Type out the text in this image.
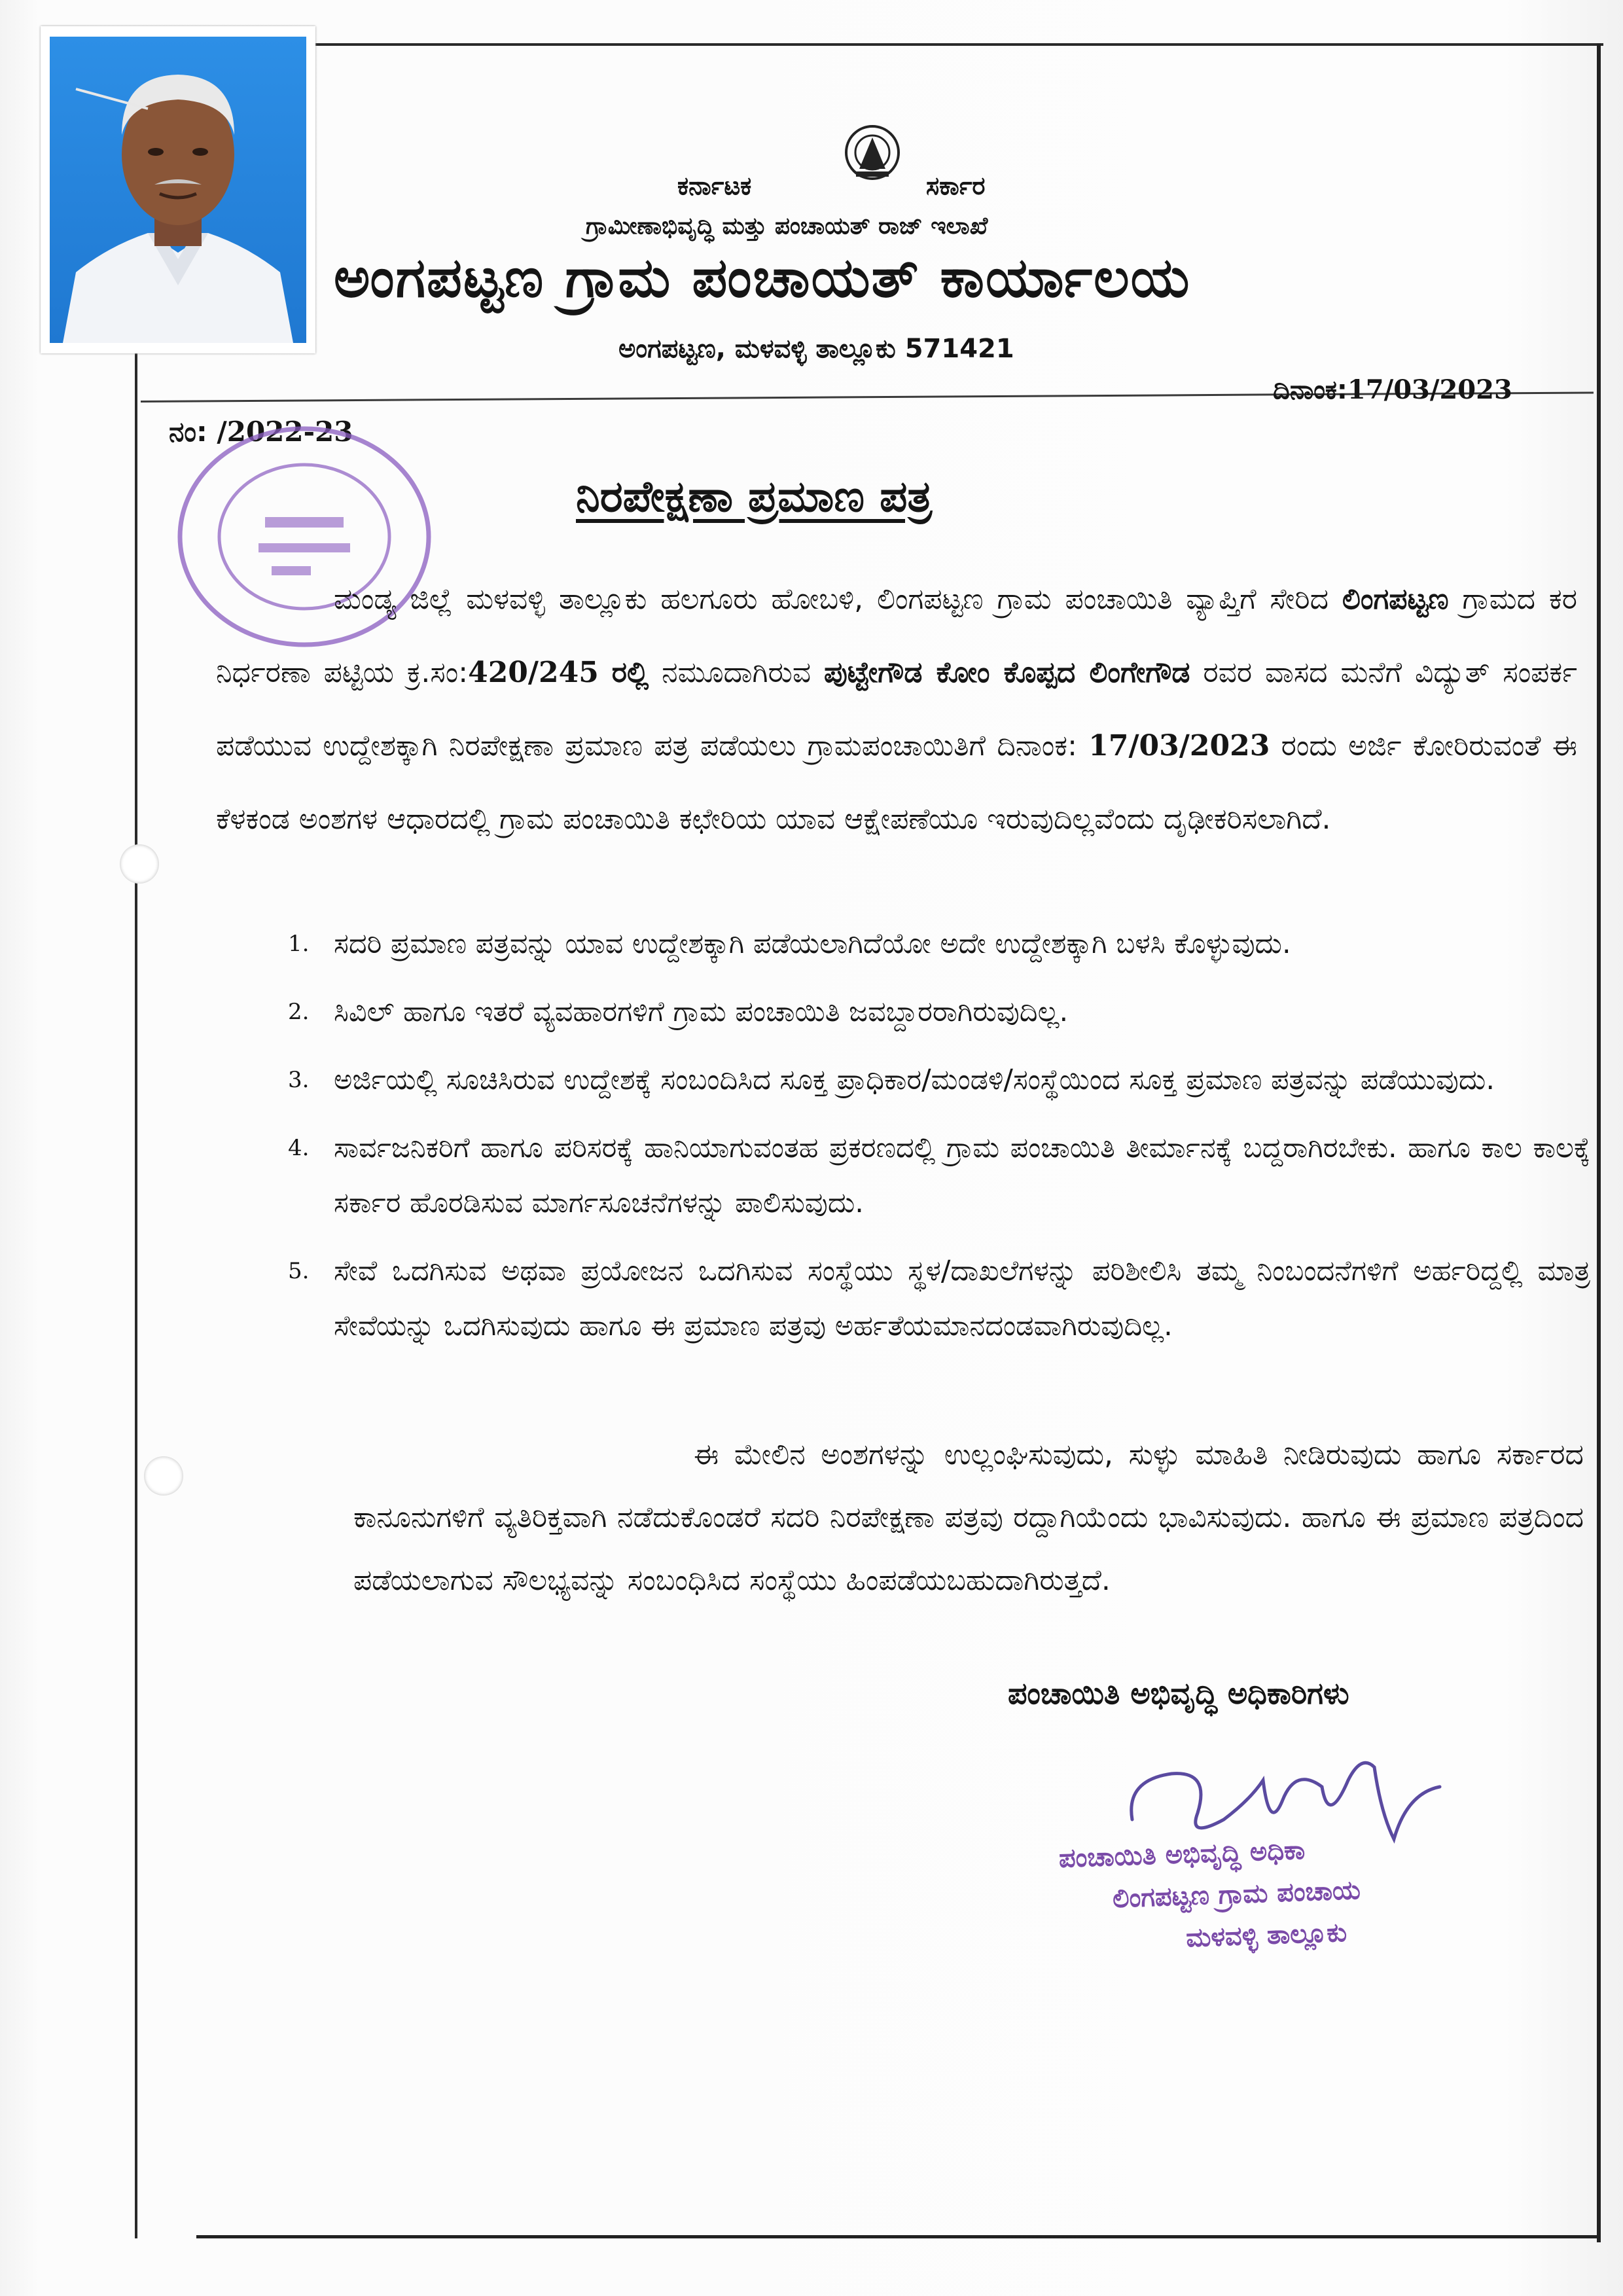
ಕರ್ನಾಟಕ	ಸರ್ಕಾರ
ಗ್ರಾಮೀಣಾಭಿವೃದ್ಧಿ ಮತ್ತು ಪಂಚಾಯತ್ ರಾಜ್ ಇಲಾಖೆ
ಅಂಗಪಟ್ಟಣ ಗ್ರಾಮ ಪಂಚಾಯತ್ ಕಾರ್ಯಾಲಯ
ಅಂಗಪಟ್ಟಣ, ಮಳವಳ್ಳಿ ತಾಲ್ಲೂಕು 571421
ದಿನಾಂಕ:17/03/2023
ನಂ: /2022-23
ನಿರಪೇಕ್ಷಣಾ ಪ್ರಮಾಣ ಪತ್ರ
ಮಂಡ್ಯ ಜಿಲ್ಲೆ ಮಳವಳ್ಳಿ ತಾಲ್ಲೂಕು ಹಲಗೂರು ಹೋಬಳಿ, ಲಿಂಗಪಟ್ಟಣ ಗ್ರಾಮ ಪಂಚಾಯಿತಿ ವ್ಯಾಪ್ತಿಗೆ ಸೇರಿದ ಲಿಂಗಪಟ್ಟಣ ಗ್ರಾಮದ ಕರ ನಿರ್ಧರಣಾ ಪಟ್ಟಿಯ ಕ್ರ.ಸಂ:420/245 ರಲ್ಲಿ ನಮೂದಾಗಿರುವ ಪುಟ್ಟೇಗೌಡ ಕೋಂ ಕೊಪ್ಪದ ಲಿಂಗೇಗೌಡ ರವರ ವಾಸದ ಮನೆಗೆ ವಿದ್ಯುತ್ ಸಂಪರ್ಕ ಪಡೆಯುವ ಉದ್ದೇಶಕ್ಕಾಗಿ ನಿರಪೇಕ್ಷಣಾ ಪ್ರಮಾಣ ಪತ್ರ ಪಡೆಯಲು ಗ್ರಾಮಪಂಚಾಯಿತಿಗೆ ದಿನಾಂಕ: 17/03/2023 ರಂದು ಅರ್ಜಿ ಕೋರಿರುವಂತೆ ಈ ಕೆಳಕಂಡ ಅಂಶಗಳ ಆಧಾರದಲ್ಲಿ ಗ್ರಾಮ ಪಂಚಾಯಿತಿ ಕಛೇರಿಯ ಯಾವ ಆಕ್ಷೇಪಣೆಯೂ ಇರುವುದಿಲ್ಲವೆಂದು ದೃಢೀಕರಿಸಲಾಗಿದೆ.
1. ಸದರಿ ಪ್ರಮಾಣ ಪತ್ರವನ್ನು ಯಾವ ಉದ್ದೇಶಕ್ಕಾಗಿ ಪಡೆಯಲಾಗಿದೆಯೋ ಅದೇ ಉದ್ದೇಶಕ್ಕಾಗಿ ಬಳಸಿ ಕೊಳ್ಳುವುದು.
2. ಸಿವಿಲ್ ಹಾಗೂ ಇತರೆ ವ್ಯವಹಾರಗಳಿಗೆ ಗ್ರಾಮ ಪಂಚಾಯಿತಿ ಜವಬ್ದಾರರಾಗಿರುವುದಿಲ್ಲ.
3. ಅರ್ಜಿಯಲ್ಲಿ ಸೂಚಿಸಿರುವ ಉದ್ದೇಶಕ್ಕೆ ಸಂಬಂದಿಸಿದ ಸೂಕ್ತ ಪ್ರಾಧಿಕಾರ/ಮಂಡಳಿ/ಸಂಸ್ಥೆಯಿಂದ ಸೂಕ್ತ ಪ್ರಮಾಣ ಪತ್ರವನ್ನು ಪಡೆಯುವುದು.
4. ಸಾರ್ವಜನಿಕರಿಗೆ ಹಾಗೂ ಪರಿಸರಕ್ಕೆ ಹಾನಿಯಾಗುವಂತಹ ಪ್ರಕರಣದಲ್ಲಿ ಗ್ರಾಮ ಪಂಚಾಯಿತಿ ತೀರ್ಮಾನಕ್ಕೆ ಬದ್ದರಾಗಿರಬೇಕು. ಹಾಗೂ ಕಾಲ ಕಾಲಕ್ಕೆ ಸರ್ಕಾರ ಹೊರಡಿಸುವ ಮಾರ್ಗಸೂಚನೆಗಳನ್ನು ಪಾಲಿಸುವುದು.
5. ಸೇವೆ ಒದಗಿಸುವ ಅಥವಾ ಪ್ರಯೋಜನ ಒದಗಿಸುವ ಸಂಸ್ಥೆಯು ಸ್ಥಳ/ದಾಖಲೆಗಳನ್ನು ಪರಿಶೀಲಿಸಿ ತಮ್ಮ ನಿಂಬಂದನೆಗಳಿಗೆ ಅರ್ಹರಿದ್ದಲ್ಲಿ ಮಾತ್ರ ಸೇವೆಯನ್ನು ಒದಗಿಸುವುದು ಹಾಗೂ ಈ ಪ್ರಮಾಣ ಪತ್ರವು ಅರ್ಹತೆಯಮಾನದಂಡವಾಗಿರುವುದಿಲ್ಲ.
ಈ ಮೇಲಿನ ಅಂಶಗಳನ್ನು ಉಲ್ಲಂಘಿಸುವುದು, ಸುಳ್ಳು ಮಾಹಿತಿ ನೀಡಿರುವುದು ಹಾಗೂ ಸರ್ಕಾರದ ಕಾನೂನುಗಳಿಗೆ ವ್ಯತಿರಿಕ್ತವಾಗಿ ನಡೆದುಕೊಂಡರೆ ಸದರಿ ನಿರಪೇಕ್ಷಣಾ ಪತ್ರವು ರದ್ದಾಗಿಯೆಂದು ಭಾವಿಸುವುದು. ಹಾಗೂ ಈ ಪ್ರಮಾಣ ಪತ್ರದಿಂದ ಪಡೆಯಲಾಗುವ ಸೌಲಭ್ಯವನ್ನು ಸಂಬಂಧಿಸಿದ ಸಂಸ್ಥೆಯು ಹಿಂಪಡೆಯಬಹುದಾಗಿರುತ್ತದೆ.
ಪಂಚಾಯಿತಿ ಅಭಿವೃದ್ಧಿ ಅಧಿಕಾರಿಗಳು
ಪಂಚಾಯಿತಿ ಅಭಿವೃದ್ಧಿ ಅಧಿಕಾ
ಲಿಂಗಪಟ್ಟಣ ಗ್ರಾಮ ಪಂಚಾಯ
ಮಳವಳ್ಳಿ ತಾಲ್ಲೂಕು
